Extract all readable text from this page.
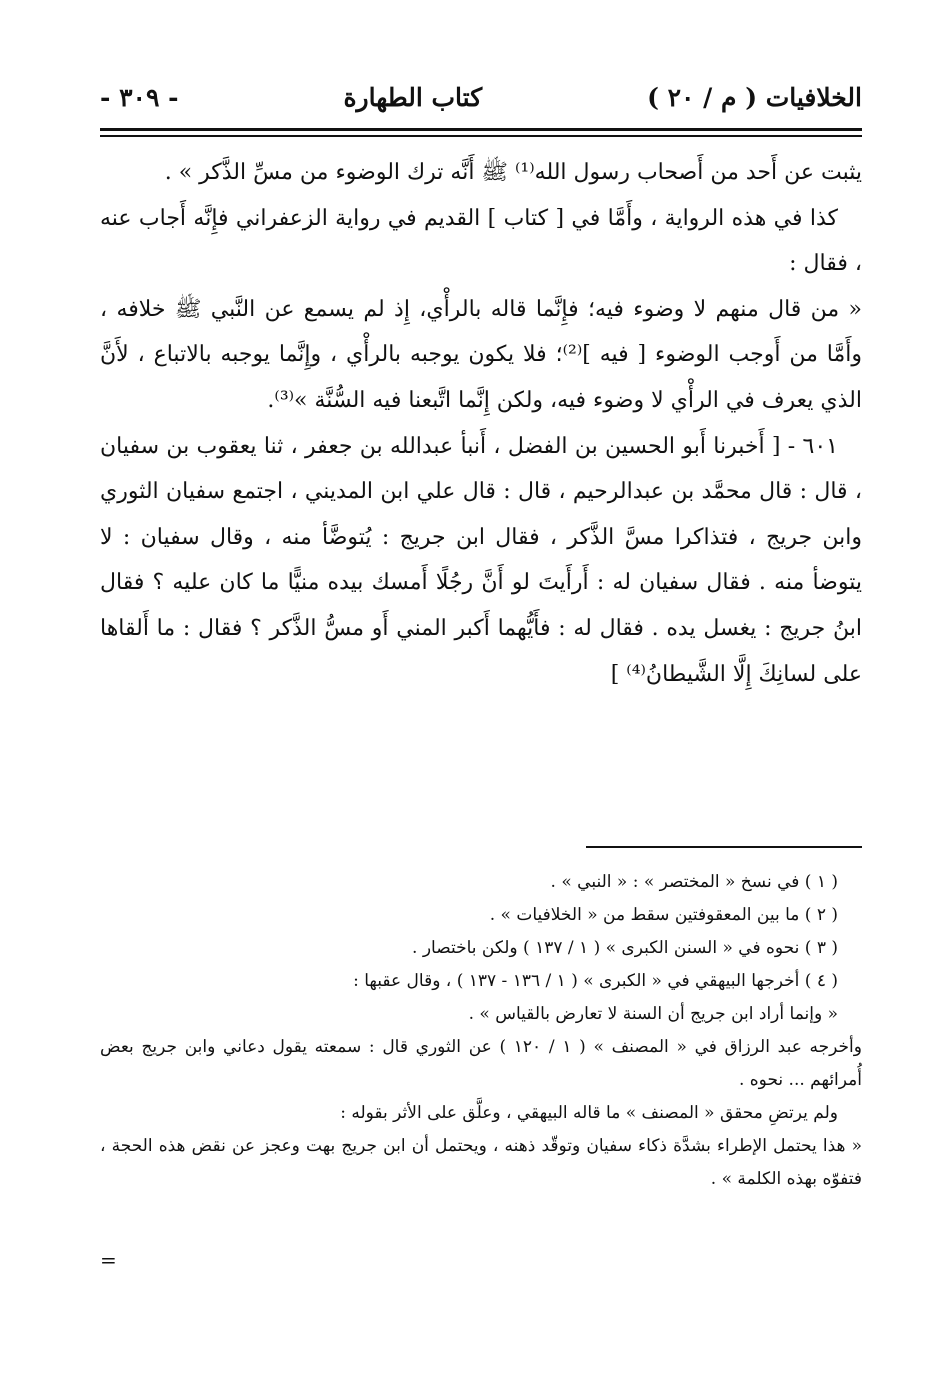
الخلافيات ( م / ٢٠ )
كتاب الطهارة
- ٣٠٩ -

يثبت عن أَحد من أَصحاب رسول الله⁽¹⁾ ﷺ أَنَّه ترك الوضوء من مسِّ الذَّكر » .

كذا في هذه الرواية ، وأَمَّا في [ كتاب ] القديم في رواية الزعفراني فإِنَّه أَجاب عنه ، فقال :

« من قال منهم لا وضوء فيه؛ فإِنَّما قاله بالرأْي، إِذ لم يسمع عن النَّبي ﷺ خلافه ، وأَمَّا من أَوجب الوضوء [ فيه ]⁽²⁾؛ فلا يكون يوجبه بالرأْي ، وإِنَّما يوجبه بالاتباع ، لأَنَّ الذي يعرف في الرأْي لا وضوء فيه، ولكن إِنَّما اتَّبعنا فيه السُّنَّة »⁽³⁾.

٦٠١ - [ أَخبرنا أَبو الحسين بن الفضل ، أَنبأ عبدالله بن جعفر ، ثنا يعقوب بن سفيان ، قال : قال محمَّد بن عبدالرحيم ، قال : قال علي ابن المديني ، اجتمع سفيان الثوري وابن جريج ، فتذاكرا مسَّ الذَّكر ، فقال ابن جريج : يُتوضَّأ منه ، وقال سفيان : لا يتوضأ منه . فقال سفيان له : أَرأَيتَ لو أَنَّ رجُلًا أَمسك بيده منيًّا ما كان عليه ؟ فقال ابنُ جريج : يغسل يده . فقال له : فأَيُّهما أَكبر المني أَو مسُّ الذَّكر ؟ فقال : ما أَلقاها على لسانِكَ إِلَّا الشَّيطانُ⁽⁴⁾ ]

( ١ ) في نسخ « المختصر » : « النبي » .

( ٢ ) ما بين المعقوفتين سقط من « الخلافيات » .

( ٣ ) نحوه في « السنن الكبرى » ( ١ / ١٣٧ ) ولكن باختصار .

( ٤ ) أخرجها البيهقي في « الكبرى » ( ١ / ١٣٦ - ١٣٧ ) ، وقال عقبها :

« وإنما أراد ابن جريج أن السنة لا تعارض بالقياس » .

وأخرجه عبد الرزاق في « المصنف » ( ١ / ١٢٠ ) عن الثوري قال : سمعته يقول دعاني وابن جريج بعض أُمرائهم ... نحوه .

ولم يرتضِ محقق « المصنف » ما قاله البيهقي ، وعلَّق على الأثر بقوله :

« هذا يحتمل الإطراء بشدَّة ذكاء سفيان وتوقّد ذهنه ، ويحتمل أن ابن جريج بهت وعجز عن نقض هذه الحجة ، فتفوّه بهذه الكلمة » .

=
